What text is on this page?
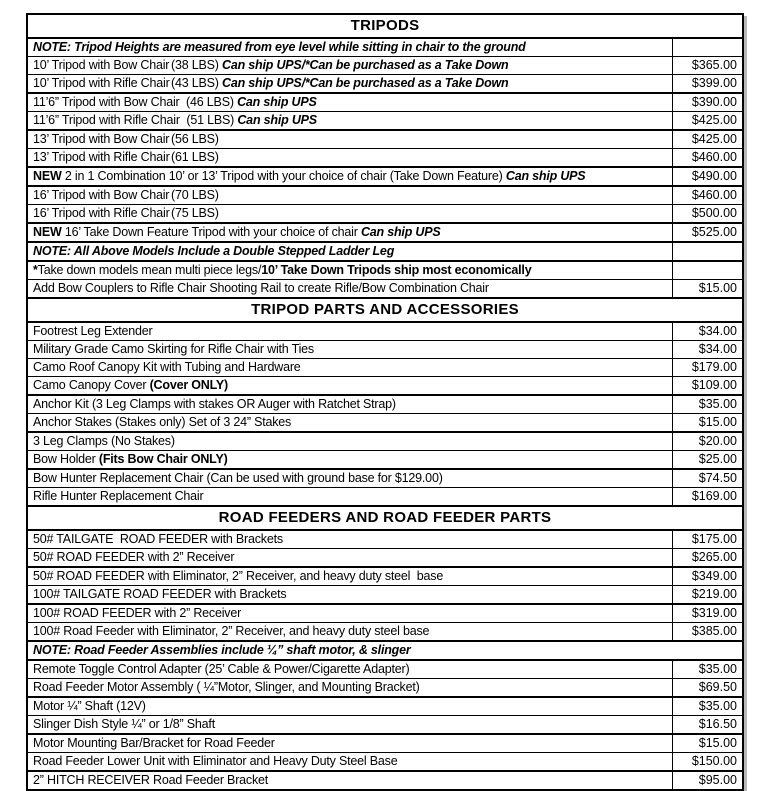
TRIPODS	
NOTE: Tripod Heights are measured from eye level while sitting in chair to the ground	
10’ Tripod with Bow Chair (38 LBS) Can ship UPS/*Can be purchased as a Take Down	$365.00
10’ Tripod with Rifle Chair(43 LBS) Can ship UPS/*Can be purchased as a Take Down	$399.00
11’6” Tripod with Bow Chair  (46 LBS) Can ship UPS	$390.00
11’6” Tripod with Rifle Chair  (51 LBS) Can ship UPS	$425.00
13’ Tripod with Bow Chair (56 LBS)	$425.00
13’ Tripod with Rifle Chair(61 LBS)	$460.00
NEW 2 in 1 Combination 10’ or 13’ Tripod with your choice of chair (Take Down Feature) Can ship UPS	$490.00
16’ Tripod with Bow Chair (70 LBS)	$460.00
16’ Tripod with Rifle Chair(75 LBS)	$500.00
NEW 16’ Take Down Feature Tripod with your choice of chair Can ship UPS	$525.00
NOTE: All Above Models Include a Double Stepped Ladder Leg	
*Take down models mean multi piece legs/10’ Take Down Tripods ship most economically	
Add Bow Couplers to Rifle Chair Shooting Rail to create Rifle/Bow Combination Chair	$15.00
TRIPOD PARTS AND ACCESSORIES	
Footrest Leg Extender	$34.00
Military Grade Camo Skirting for Rifle Chair with Ties	$34.00
Camo Roof Canopy Kit with Tubing and Hardware	$179.00
Camo Canopy Cover (Cover ONLY)	$109.00
Anchor Kit (3 Leg Clamps with stakes OR Auger with Ratchet Strap)	$35.00
Anchor Stakes (Stakes only) Set of 3 24” Stakes	$15.00
3 Leg Clamps (No Stakes)	$20.00
Bow Holder (Fits Bow Chair ONLY)	$25.00
Bow Hunter Replacement Chair (Can be used with ground base for $129.00)	$74.50
Rifle Hunter Replacement Chair	$169.00
ROAD FEEDERS AND ROAD FEEDER PARTS	
50# TAILGATE  ROAD FEEDER with Brackets	$175.00
50# ROAD FEEDER with 2” Receiver	$265.00
50# ROAD FEEDER with Eliminator, 2” Receiver, and heavy duty steel  base	$349.00
100# TAILGATE ROAD FEEDER with Brackets	$219.00
100# ROAD FEEDER with 2” Receiver	$319.00
100# Road Feeder with Eliminator, 2” Receiver, and heavy duty steel base	$385.00
NOTE: Road Feeder Assemblies include ¼” shaft motor, & slinger	
Remote Toggle Control Adapter (25’ Cable & Power/Cigarette Adapter)	$35.00
Road Feeder Motor Assembly ( ¼”Motor, Slinger, and Mounting Bracket)	$69.50
Motor ¼” Shaft (12V)	$35.00
Slinger Dish Style ¼” or 1/8” Shaft	$16.50
Motor Mounting Bar/Bracket for Road Feeder	$15.00
Road Feeder Lower Unit with Eliminator and Heavy Duty Steel Base	$150.00
2” HITCH RECEIVER Road Feeder Bracket	$95.00
